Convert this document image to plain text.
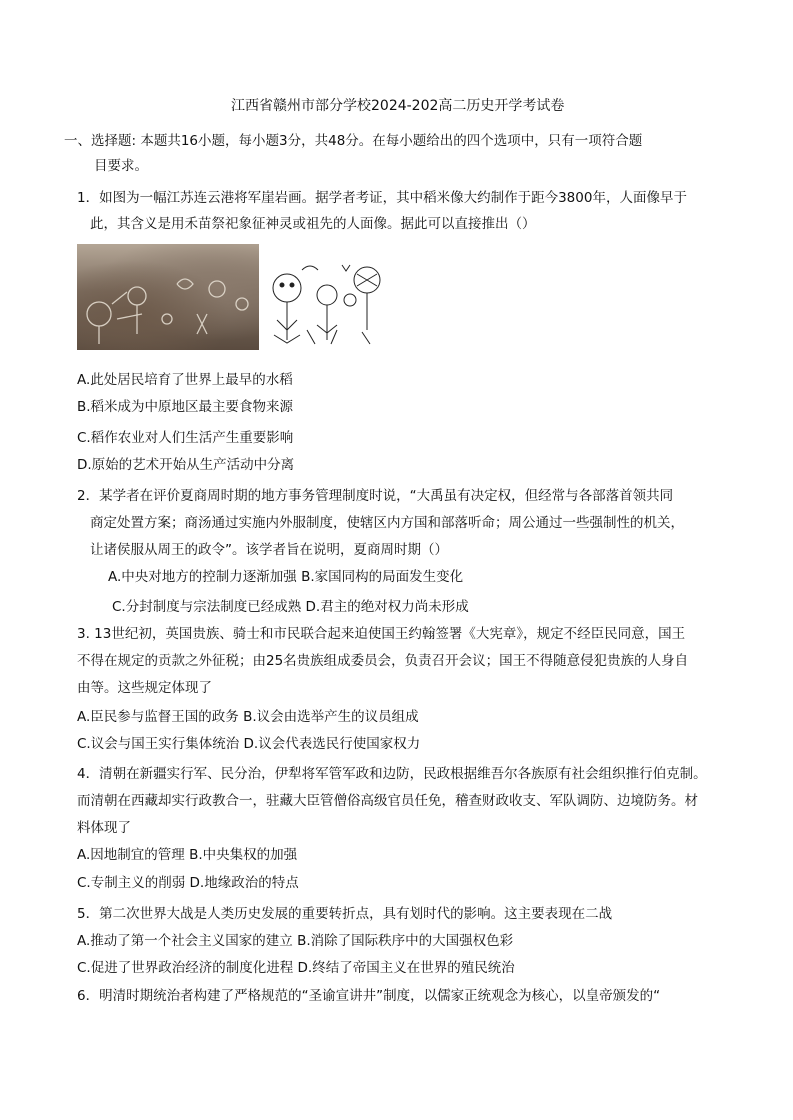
江西省赣州市部分学校2024-202高二历史开学考试卷
一、选择题: 本题共16小题，每小题3分，共48分。在每小题给出的四个选项中，只有一项符合题
目要求。
1．如图为一幅江苏连云港将军崖岩画。据学者考证，其中稻米像大约制作于距今3800年，人面像早于
此，其含义是用禾苗祭祀象征神灵或祖先的人面像。据此可以直接推出（）
A.此处居民培育了世界上最早的水稻
B.稻米成为中原地区最主要食物来源
C.稻作农业对人们生活产生重要影响
D.原始的艺术开始从生产活动中分离
2．某学者在评价夏商周时期的地方事务管理制度时说，“大禹虽有决定权，但经常与各部落首领共同
商定处置方案；商汤通过实施内外服制度，使辖区内方国和部落听命；周公通过一些强制性的机关，
让诸侯服从周王的政令”。该学者旨在说明，夏商周时期（）
A.中央对地方的控制力逐渐加强 B.家国同构的局面发生变化
C.分封制度与宗法制度已经成熟 D.君主的绝对权力尚未形成
3. 13世纪初，英国贵族、骑士和市民联合起来迫使国王约翰签署《大宪章》，规定不经臣民同意，国王
不得在规定的贡款之外征税；由25名贵族组成委员会，负责召开会议；国王不得随意侵犯贵族的人身自
由等。这些规定体现了
A.臣民参与监督王国的政务 B.议会由选举产生的议员组成
C.议会与国王实行集体统治 D.议会代表选民行使国家权力
4．清朝在新疆实行军、民分治，伊犁将军管军政和边防，民政根据维吾尔各族原有社会组织推行伯克制。
而清朝在西藏却实行政教合一，驻藏大臣管僧俗高级官员任免，稽查财政收支、军队调防、边境防务。材
料体现了
A.因地制宜的管理 B.中央集权的加强
C.专制主义的削弱 D.地缘政治的特点
5．第二次世界大战是人类历史发展的重要转折点，具有划时代的影响。这主要表现在二战
A.推动了第一个社会主义国家的建立 B.消除了国际秩序中的大国强权色彩
C.促进了世界政治经济的制度化进程 D.终结了帝国主义在世界的殖民统治
6．明清时期统治者构建了严格规范的“圣谕宣讲井”制度，以儒家正统观念为核心，以皇帝颁发的“
